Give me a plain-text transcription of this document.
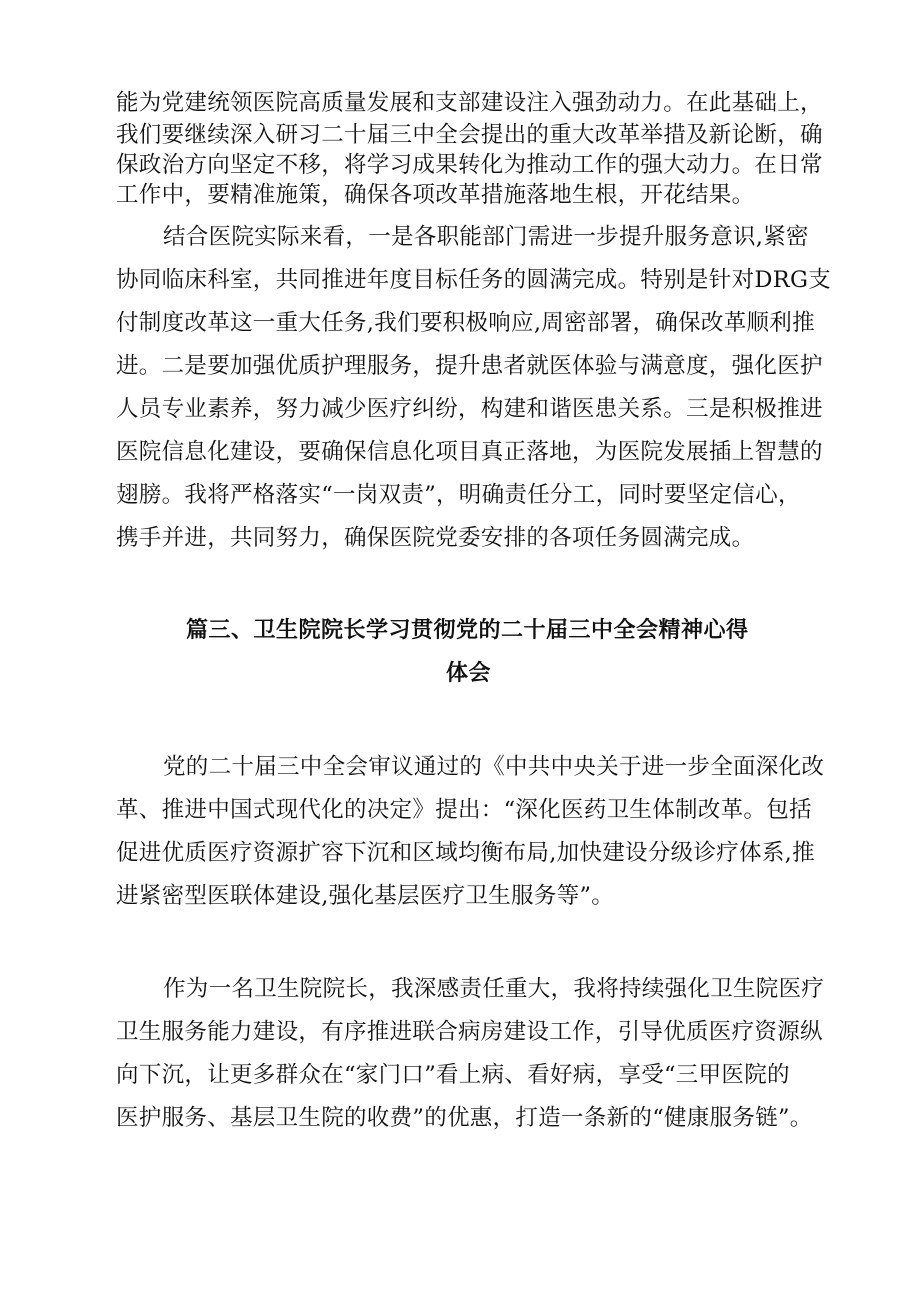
能为党建统领医院高质量发展和支部建设注入强劲动力。在此基础上，
我们要继续深入研习二十届三中全会提出的重大改革举措及新论断，确
保政治方向坚定不移，将学习成果转化为推动工作的强大动力。在日常
工作中，要精准施策，确保各项改革措施落地生根，开花结果。
结合医院实际来看，一是各职能部门需进一步提升服务意识,紧密
协同临床科室，共同推进年度目标任务的圆满完成。特别是针对DRG支
付制度改革这一重大任务,我们要积极响应,周密部署，确保改革顺利推
进。二是要加强优质护理服务，提升患者就医体验与满意度，强化医护
人员专业素养，努力减少医疗纠纷，构建和谐医患关系。三是积极推进
医院信息化建设，要确保信息化项目真正落地，为医院发展插上智慧的
翅膀。我将严格落实“一岗双责”，明确责任分工，同时要坚定信心，
携手并进，共同努力，确保医院党委安排的各项任务圆满完成。
篇三、卫生院院长学习贯彻党的二十届三中全会精神心得
体会
党的二十届三中全会审议通过的《中共中央关于进一步全面深化改
革、推进中国式现代化的决定》提出：“深化医药卫生体制改革。包括
促进优质医疗资源扩容下沉和区域均衡布局,加快建设分级诊疗体系,推
进紧密型医联体建设,强化基层医疗卫生服务等”。
作为一名卫生院院长，我深感责任重大，我将持续强化卫生院医疗
卫生服务能力建设，有序推进联合病房建设工作，引导优质医疗资源纵
向下沉，让更多群众在“家门口”看上病、看好病，享受“三甲医院的
医护服务、基层卫生院的收费”的优惠，打造一条新的“健康服务链”。
